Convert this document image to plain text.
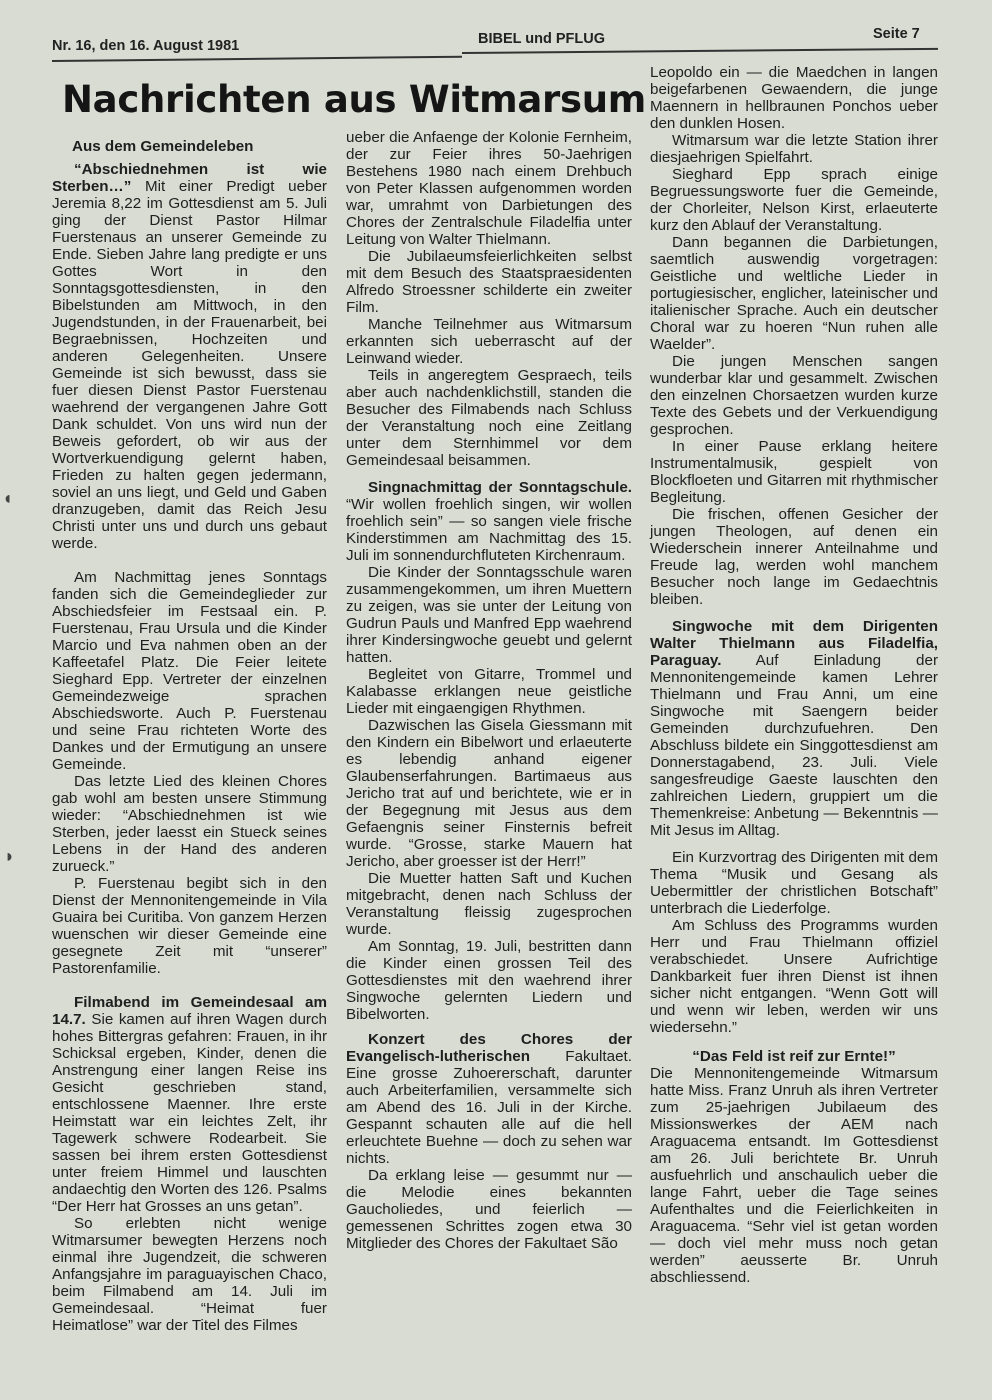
Nr. 16, den 16. August 1981	BIBEL und PFLUG	Seite 7
Nachrichten aus Witmarsum

Aus dem Gemeindeleben

“Abschiednehmen ist wie Sterben…” Mit einer Predigt ueber Jeremia 8,22 im Gottesdienst am 5. Juli ging der Dienst Pastor Hilmar Fuerstenaus an unserer Gemeinde zu Ende. Sieben Jahre lang predigte er uns Gottes Wort in den Sonntagsgottesdiensten, in den Bibelstunden am Mittwoch, in den Jugendstunden, in der Frauenarbeit, bei Begraebnissen, Hochzeiten und anderen Gelegenheiten. Unsere Gemeinde ist sich bewusst, dass sie fuer diesen Dienst Pastor Fuerstenau waehrend der vergangenen Jahre Gott Dank schuldet. Von uns wird nun der Beweis gefordert, ob wir aus der Wortverkuendigung gelernt haben, Frieden zu halten gegen jedermann, soviel an uns liegt, und Geld und Gaben dranzugeben, damit das Reich Jesu Christi unter uns und durch uns gebaut werde.

Am Nachmittag jenes Sonntags fanden sich die Gemeindeglieder zur Abschiedsfeier im Festsaal ein. P. Fuerstenau, Frau Ursula und die Kinder Marcio und Eva nahmen oben an der Kaffeetafel Platz. Die Feier leitete Sieghard Epp. Vertreter der einzelnen Gemeindezweige sprachen Abschiedsworte. Auch P. Fuerstenau und seine Frau richteten Worte des Dankes und der Ermutigung an unsere Gemeinde.

Das letzte Lied des kleinen Chores gab wohl am besten unsere Stimmung wieder: “Abschiednehmen ist wie Sterben, jeder laesst ein Stueck seines Lebens in der Hand des anderen zurueck.”

P. Fuerstenau begibt sich in den Dienst der Mennonitengemeinde in Vila Guaira bei Curitiba. Von ganzem Herzen wuenschen wir dieser Gemeinde eine gesegnete Zeit mit “unserer” Pastorenfamilie.

Filmabend im Gemeindesaal am 14.7. Sie kamen auf ihren Wagen durch hohes Bittergras gefahren: Frauen, in ihr Schicksal ergeben, Kinder, denen die Anstrengung einer langen Reise ins Gesicht geschrieben stand, entschlossene Maenner. Ihre erste Heimstatt war ein leichtes Zelt, ihr Tagewerk schwere Rodearbeit. Sie sassen bei ihrem ersten Gottesdienst unter freiem Himmel und lauschten andaechtig den Worten des 126. Psalms “Der Herr hat Grosses an uns getan”.

So erlebten nicht wenige Witmarsumer bewegten Herzens noch einmal ihre Jugendzeit, die schweren Anfangsjahre im paraguayischen Chaco, beim Filmabend am 14. Juli im Gemeindesaal. “Heimat fuer Heimatlose” war der Titel des Filmes

ueber die Anfaenge der Kolonie Fernheim, der zur Feier ihres 50-Jaehrigen Bestehens 1980 nach einem Drehbuch von Peter Klassen aufgenommen worden war, umrahmt von Darbietungen des Chores der Zentralschule Filadelfia unter Leitung von Walter Thielmann.

Die Jubilaeumsfeierlichkeiten selbst mit dem Besuch des Staatspraesidenten Alfredo Stroessner schilderte ein zweiter Film.

Manche Teilnehmer aus Witmarsum erkannten sich ueberrascht auf der Leinwand wieder.

Teils in angeregtem Gespraech, teils aber auch nachdenklichstill, standen die Besucher des Filmabends nach Schluss der Veranstaltung noch eine Zeitlang unter dem Sternhimmel vor dem Gemeindesaal beisammen.

Singnachmittag der Sonntagschule. “Wir wollen froehlich singen, wir wollen froehlich sein” — so sangen viele frische Kinderstimmen am Nachmittag des 15. Juli im sonnendurchfluteten Kirchenraum.

Die Kinder der Sonntagsschule waren zusammengekommen, um ihren Muettern zu zeigen, was sie unter der Leitung von Gudrun Pauls und Manfred Epp waehrend ihrer Kindersingwoche geuebt und gelernt hatten.

Begleitet von Gitarre, Trommel und Kalabasse erklangen neue geistliche Lieder mit eingaengigen Rhythmen.

Dazwischen las Gisela Giessmann mit den Kindern ein Bibelwort und erlaeuterte es lebendig anhand eigener Glaubenserfahrungen. Bartimaeus aus Jericho trat auf und berichtete, wie er in der Begegnung mit Jesus aus dem Gefaengnis seiner Finsternis befreit wurde. “Grosse, starke Mauern hat Jericho, aber groesser ist der Herr!”

Die Muetter hatten Saft und Kuchen mitgebracht, denen nach Schluss der Veranstaltung fleissig zugesprochen wurde.

Am Sonntag, 19. Juli, bestritten dann die Kinder einen grossen Teil des Gottesdienstes mit den waehrend ihrer Singwoche gelernten Liedern und Bibelworten.

Konzert des Chores der Evangelisch-lutherischen Fakultaet. Eine grosse Zuhoererschaft, darunter auch Arbeiterfamilien, versammelte sich am Abend des 16. Juli in der Kirche. Gespannt schauten alle auf die hell erleuchtete Buehne — doch zu sehen war nichts.

Da erklang leise — gesummt nur — die Melodie eines bekannten Gaucholiedes, und feierlich — gemessenen Schrittes zogen etwa 30 Mitglieder des Chores der Fakultaet São

Leopoldo ein — die Maedchen in langen beigefarbenen Gewaendern, die junge Maennern in hellbraunen Ponchos ueber den dunklen Hosen.

Witmarsum war die letzte Station ihrer diesjaehrigen Spielfahrt.

Sieghard Epp sprach einige Begruessungsworte fuer die Gemeinde, der Chorleiter, Nelson Kirst, erlaeuterte kurz den Ablauf der Veranstaltung.

Dann begannen die Darbietungen, saemtlich auswendig vorgetragen: Geistliche und weltliche Lieder in portugiesischer, englicher, lateinischer und italienischer Sprache. Auch ein deutscher Choral war zu hoeren “Nun ruhen alle Waelder”.

Die jungen Menschen sangen wunderbar klar und gesammelt. Zwischen den einzelnen Chorsaetzen wurden kurze Texte des Gebets und der Verkuendigung gesprochen.

In einer Pause erklang heitere Instrumentalmusik, gespielt von Blockfloeten und Gitarren mit rhythmischer Begleitung.

Die frischen, offenen Gesicher der jungen Theologen, auf denen ein Wiederschein innerer Anteilnahme und Freude lag, werden wohl manchem Besucher noch lange im Gedaechtnis bleiben.

Singwoche mit dem Dirigenten Walter Thielmann aus Filadelfia, Paraguay. Auf Einladung der Mennonitengemeinde kamen Lehrer Thielmann und Frau Anni, um eine Singwoche mit Saengern beider Gemeinden durchzufuehren. Den Abschluss bildete ein Singgottesdienst am Donnerstagabend, 23. Juli. Viele sangesfreudige Gaeste lauschten den zahlreichen Liedern, gruppiert um die Themenkreise: Anbetung — Bekenntnis — Mit Jesus im Alltag.

Ein Kurzvortrag des Dirigenten mit dem Thema “Musik und Gesang als Uebermittler der christlichen Botschaft” unterbrach die Liederfolge.

Am Schluss des Programms wurden Herr und Frau Thielmann offiziel verabschiedet. Unsere Aufrichtige Dankbarkeit fuer ihren Dienst ist ihnen sicher nicht entgangen. “Wenn Gott will und wenn wir leben, werden wir uns wiedersehn.”

“Das Feld ist reif zur Ernte!”

Die Mennonitengemeinde Witmarsum hatte Miss. Franz Unruh als ihren Vertreter zum 25-jaehrigen Jubilaeum des Missionswerkes der AEM nach Araguacema entsandt. Im Gottesdienst am 26. Juli berichtete Br. Unruh ausfuehrlich und anschaulich ueber die lange Fahrt, ueber die Tage seines Aufenthaltes und die Feierlichkeiten in Araguacema. “Sehr viel ist getan worden — doch viel mehr muss noch getan werden” aeusserte Br. Unruh abschliessend.

◖
◗
